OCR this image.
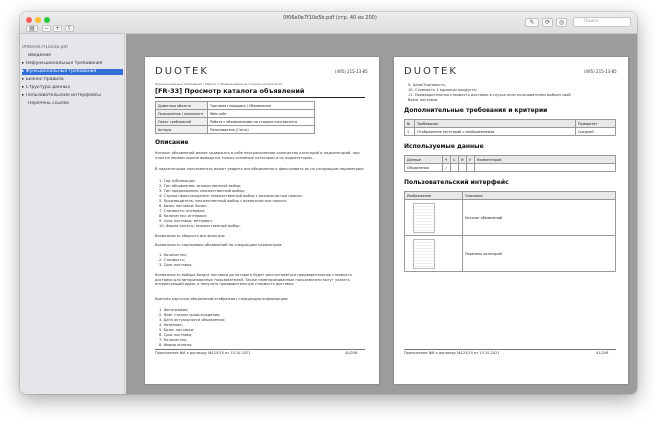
▤	− +	⇪
0f06e0e7f10e5b.pdf (стр. 40 из 200)
✎	⟳	◎	Поиск
0f06e0e7f10e5b.pdf
Введение
▸ Нефункциональные требования
▸ Функциональные требования
▸ Бизнес-правила
▸ Структура данных
▸ Пользовательские интерфейсы
Перечень ссылок
DUOTEK	(495) 215-13-85
Функциональные требования / Работа с объявлениями на стороне контрагента
[FR-33] Просмотр каталога объявлений
Доменная область	Торговая площадка / Объявления
Приложение / компонент	Web-сайт
Пакет требований	Работа с объявлениями на стороне контрагента
Акторы	Пользователь (Гость)
Описание
Каталог объявлений может содержать в себе неограниченное количество категорий и подкатегорий, при этом на первом экране выводятся только основные категории и их подкатегории.
В подкатегории пользователь может увидеть все объявления и фильтровать их по следующим параметрам:
1. Год публикации;
2. Тип объявления: множественный выбор;
3. Тип предложения: множественный выбор;
4. Страна происхождения: множественный выбор с возможностью поиска;
5. Производитель: множественный выбор с возможностью поиска;
6. Базис поставки: базис;
7. Стоимость: интервал;
8. Количество: интервал;
9. Срок поставки: интервал;
10. Форма оплаты: множественный выбор.
Возможность сбросить все фильтры.
Возможность сортировки объявлений по следующим параметрам:
1. Количество;
2. Стоимость;
3. Срок поставки.
Возможность выбора базиса поставки до которого будет рассчитываться предварительная стоимость доставки для авторизованных пользователей. Также неавторизованные пользователи могут указать интересующий адрес и получить предварительную стоимость доставки.
Краткая карточка объявлений отображает следующую информацию:
1. Фотография;
2. Флаг страны происхождения;
3. Дата актуальности объявления;
4. Название;
5. Базис поставки;
6. Срок поставки;
7. Количество;
8. Форма оплаты;
Приложение №8 к договору №125/10 от 15.10.2021	40/256
DUOTEK	(495) 215-13-85
9. Цена/Торговость;
10. Стоимость 1 единицы продукта;
11. Предварительная стоимость доставки в случае если пользователем выбран свой
базис поставки.
Дополнительные требования и критерии
№	Требование	Приоритет
1	Отображение категорий с изображениями	Средний
Используемые данные
Данные	Ч	С	И	У	Комментарий
Объявления	✓				
Пользовательский интерфейс
Изображение	Описание

	Каталог объявлений

	Перечень категорий
Приложение №8 к договору №125/10 от 15.10.2021	41/256
